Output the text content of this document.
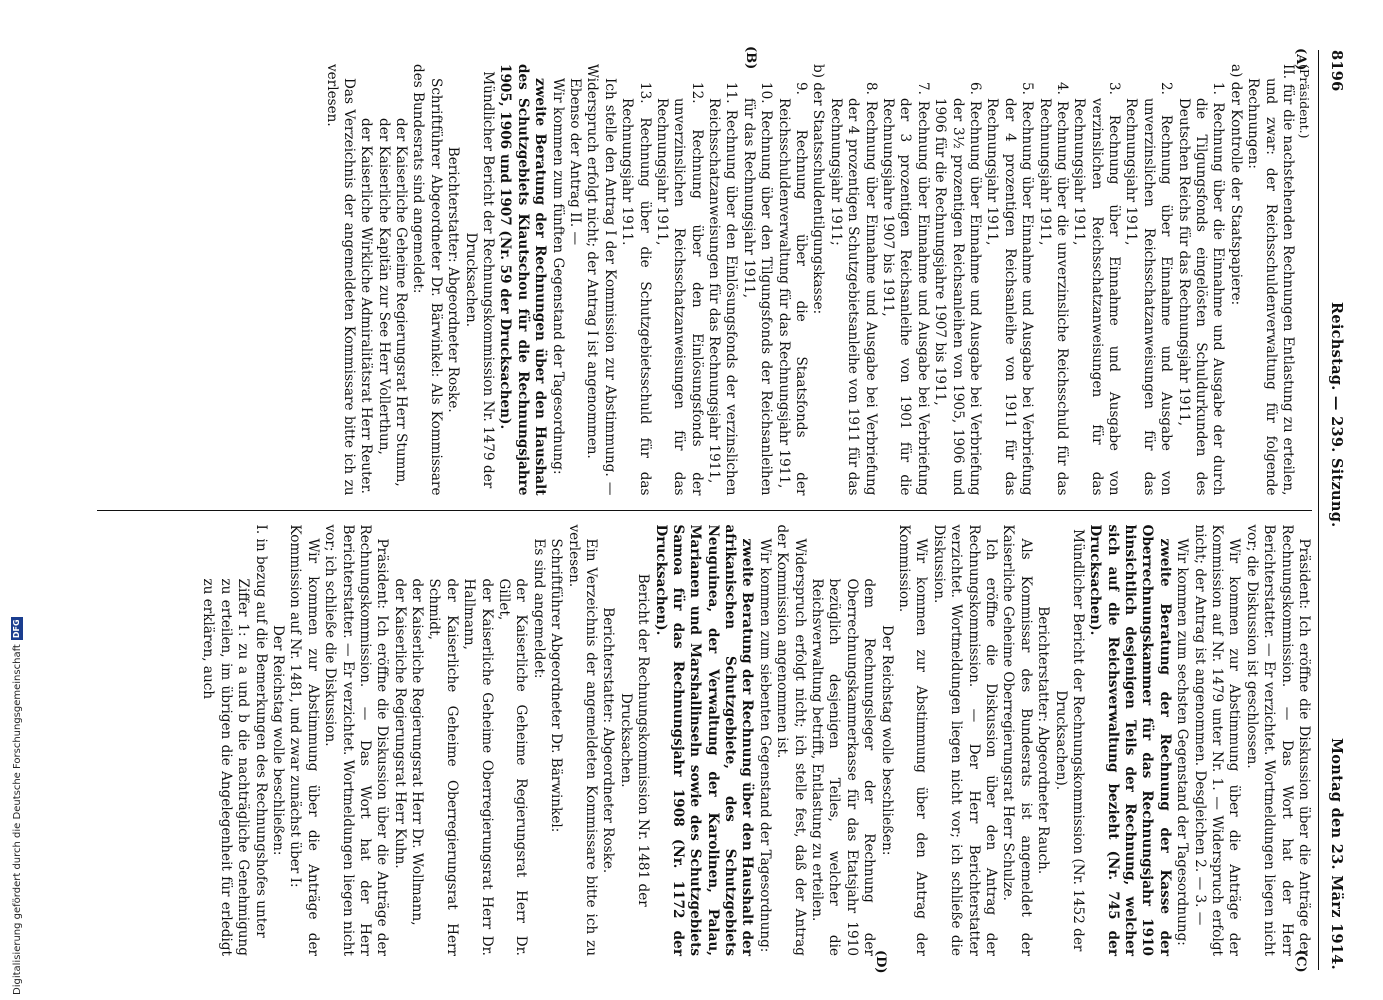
8196
Reichstag. — 239. Sitzung.
Montag den 23. März 1914.
(A)
(B)
(C)
(D)

(Präsident.)

II. für die nachstehenden Rechnungen Entlastung zu erteilen, und zwar: der Reichsschuldenverwaltung für folgende Rechnungen:

a) der Kontrolle der Staatspapiere:

1. Rechnung über die Einnahme und Ausgabe der durch die Tilgungsfonds eingelösten Schuldurkunden des Deutschen Reichs für das Rechnungsjahr 1911,

2. Rechnung über Einnahme und Ausgabe von unverzinslichen Reichsschatzanweisungen für das Rechnungsjahr 1911,

3. Rechnung über Einnahme und Ausgabe von verzinslichen Reichsschatzanweisungen für das Rechnungsjahr 1911,

4. Rechnung über die unverzinsliche Reichsschuld für das Rechnungsjahr 1911,

5. Rechnung über Einnahme und Ausgabe bei Verbriefung der 4 prozentigen Reichsanleihe von 1911 für das Rechnungsjahr 1911,

6. Rechnung über Einnahme und Ausgabe bei Verbriefung der 3½ prozentigen Reichsanleihen von 1905, 1906 und 1906 für die Rechnungsjahre 1907 bis 1911,

7. Rechnung über Einnahme und Ausgabe bei Verbriefung der 3 prozentigen Reichsanleihe von 1901 für die Rechnungsjahre 1907 bis 1911,

8. Rechnung über Einnahme und Ausgabe bei Verbriefung der 4 prozentigen Schutzgebietsanleihe von 1911 für das Rechnungsjahr 1911;

b) der Staatsschuldentilgungskasse:

9. Rechnung über die Staatsfonds der Reichsschuldenverwaltung für das Rechnungsjahr 1911,

10. Rechnung über den Tilgungsfonds der Reichsanleihen für das Rechnungsjahr 1911,

11. Rechnung über den Einlösungsfonds der verzinslichen Reichsschatzanweisungen für das Rechnungsjahr 1911,

12. Rechnung über den Einlösungsfonds der unverzinslichen Reichsschatzanweisungen für das Rechnungsjahr 1911,

13. Rechnung über die Schutzgebietsschuld für das Rechnungsjahr 1911.

Ich stelle den Antrag I der Kommission zur Abstimmung. — Widerspruch erfolgt nicht; der Antrag I ist angenommen.

Ebenso der Antrag II. —

Wir kommen zum fünften Gegenstand der Tagesordnung:

zweite Beratung der Rechnungen über den Haushalt des Schutzgebiets Kiautschou für die Rechnungsjahre 1905, 1906 und 1907 (Nr. 59 der Drucksachen).

Mündlicher Bericht der Rechnungskommission Nr. 1479 der Drucksachen.

Berichterstatter: Abgeordneter Roske.

Schriftführer Abgeordneter Dr. Bärwinkel: Als Kommissare des Bundesrats sind angemeldet:

der Kaiserliche Geheime Regierungsrat Herr Stumm,

der Kaiserliche Kapitän zur See Herr Vollerthun,

der Kaiserliche Wirkliche Admiralitätsrat Herr Reuter.

Das Verzeichnis der angemeldeten Kommissare bitte ich zu verlesen.

Präsident: Ich eröffne die Diskussion über die Anträge der Rechnungskommission. — Das Wort hat der Herr Berichterstatter. — Er verzichtet. Wortmeldungen liegen nicht vor; die Diskussion ist geschlossen.

Wir kommen zur Abstimmung über die Anträge der Kommission auf Nr. 1479 unter Nr. 1. — Widerspruch erfolgt nicht; der Antrag ist angenommen. Desgleichen 2. — 3. —

Wir kommen zum sechsten Gegenstand der Tagesordnung:

zweite Beratung der Rechnung der Kasse der Oberrechnungskammer für das Rechnungsjahr 1910 hinsichtlich desjenigen Teils der Rechnung, welcher sich auf die Reichsverwaltung bezieht (Nr. 745 der Drucksachen).

Mündlicher Bericht der Rechnungskommission (Nr. 1452 der Drucksachen).

Berichterstatter: Abgeordneter Rauch.

Als Kommissar des Bundesrats ist angemeldet der Kaiserliche Geheime Oberregierungsrat Herr Schulze.

Ich eröffne die Diskussion über den Antrag der Rechnungskommission. — Der Herr Berichterstatter verzichtet. Wortmeldungen liegen nicht vor; ich schließe die Diskussion.

Wir kommen zur Abstimmung über den Antrag der Kommission.

Der Reichstag wolle beschließen:

dem Rechnungsleger der Rechnung der Oberrechnungskammerkasse für das Etatsjahr 1910 bezüglich desjenigen Teiles, welcher die Reichsverwaltung betrifft, Entlastung zu erteilen.

Widerspruch erfolgt nicht; ich stelle fest, daß der Antrag der Kommission angenommen ist.

Wir kommen zum siebenten Gegenstand der Tagesordnung:

zweite Beratung der Rechnung über den Haushalt der afrikanischen Schutzgebiete, des Schutzgebiets Neuguinea, der Verwaltung der Karolinen, Palau, Marianen und Marshallinseln sowie des Schutzgebiets Samoa für das Rechnungsjahr 1908 (Nr. 1172 der Drucksachen).

Bericht der Rechnungskommission Nr. 1481 der Drucksachen.

Berichterstatter: Abgeordneter Roske.

Ein Verzeichnis der angemeldeten Kommissare bitte ich zu verlesen.

Schriftführer Abgeordneter Dr. Bärwinkel:

Es sind angemeldet:

der Kaiserliche Geheime Regierungsrat Herr Dr. Gillet,

der Kaiserliche Geheime Oberregierungsrat Herr Dr. Hallmann,

der Kaiserliche Geheime Oberregierungsrat Herr Schmidt,

der Kaiserliche Regierungsrat Herr Dr. Wollmann,

der Kaiserliche Regierungsrat Herr Kuhn.

Präsident: Ich eröffne die Diskussion über die Anträge der Rechnungskommission. — Das Wort hat der Herr Berichterstatter. — Er verzichtet. Wortmeldungen liegen nicht vor; ich schließe die Diskussion.

Wir kommen zur Abstimmung über die Anträge der Kommission auf Nr. 1481, und zwar zunächst über I:

Der Reichstag wolle beschließen:

I. in bezug auf die Bemerkungen des Rechnungshofes unter

Ziffer 1: zu a und b die nachträgliche Genehmigung zu erteilen, im übrigen die Angelegenheit für erledigt zu erklären, auch

Digitalisierung gefördert durch die Deutsche Forschungsgemeinschaft
DFG
